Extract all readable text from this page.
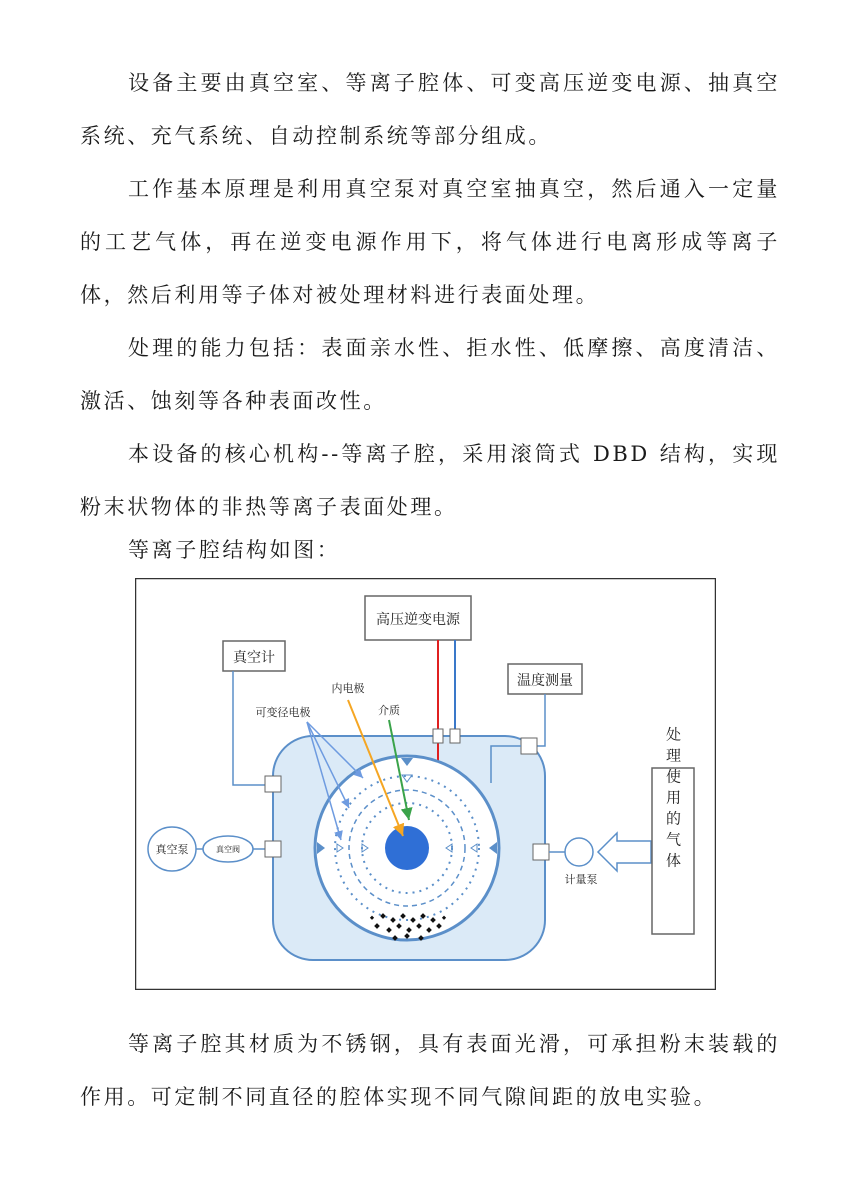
设备主要由真空室、等离子腔体、可变高压逆变电源、抽真空系统、充气系统、自动控制系统等部分组成。

工作基本原理是利用真空泵对真空室抽真空，然后通入一定量的工艺气体，再在逆变电源作用下，将气体进行电离形成等离子体，然后利用等子体对被处理材料进行表面处理。

处理的能力包括：表面亲水性、拒水性、低摩擦、高度清洁、激活、蚀刻等各种表面改性。

本设备的核心机构--等离子腔，采用滚筒式 DBD 结构，实现粉末状物体的非热等离子表面处理。

等离子腔结构如图：

高压逆变电源
真空计
温度测量
可变径电极
内电极
介质
真空泵	真空阀
计量泵
处理使用的气体

等离子腔其材质为不锈钢，具有表面光滑，可承担粉末装载的作用。可定制不同直径的腔体实现不同气隙间距的放电实验。
